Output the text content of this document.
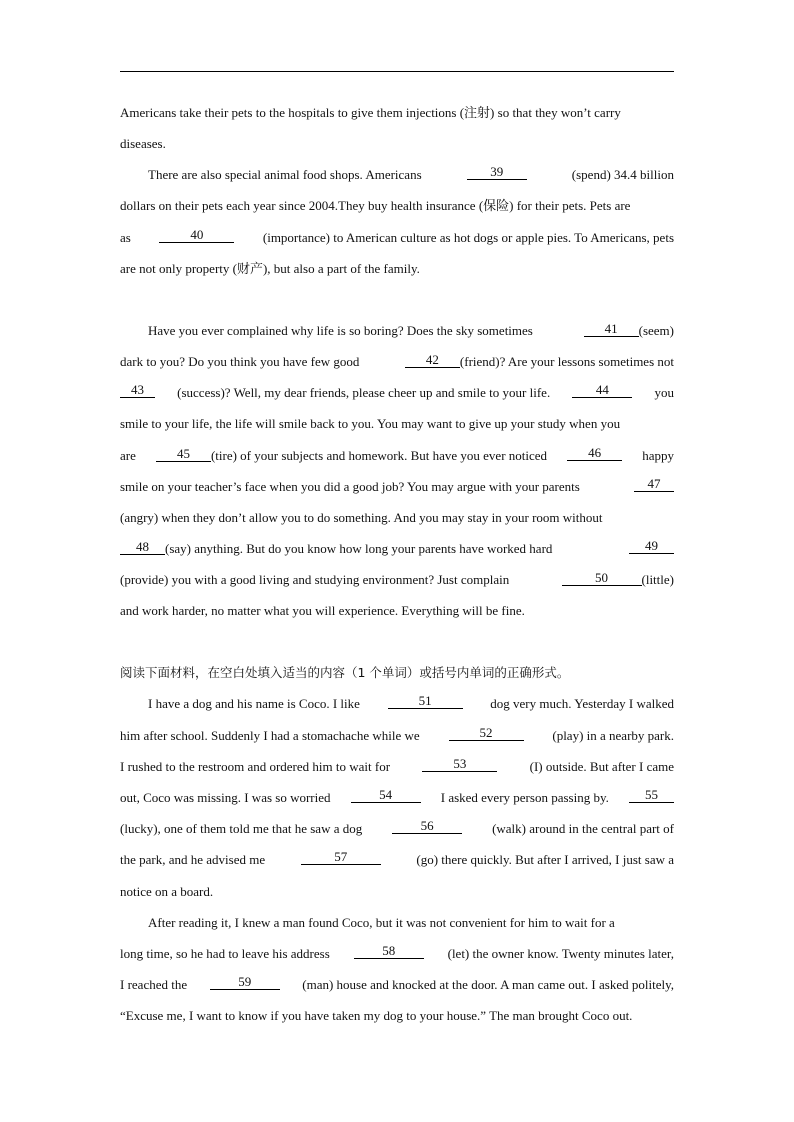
Americans take their pets to the hospitals to give them injections (注射) so that they won’t carry
diseases.
There are also special animal food shops. Americans	39	(spend) 34.4 billion
dollars on their pets each year since 2004.They buy health insurance (保险) for their pets. Pets are
as	40	(importance) to American culture as hot dogs or apple pies. To Americans, pets
are not only property (财产), but also a part of the family.
Have you ever complained why life is so boring? Does the sky sometimes	41 (seem)
dark to you? Do you think you have few good	42 (friend)? Are your lessons sometimes not
43	(success)? Well, my dear friends, please cheer up and smile to your life.	44	you
smile to your life, the life will smile back to you. You may want to give up your study when you
are	45 (tire) of your subjects and homework. But have you ever noticed	46	happy
smile on your teacher’s face when you did a good job? You may argue with your parents	47
(angry) when they don’t allow you to do something. And you may stay in your room without
48 (say) anything. But do you know how long your parents have worked hard	49
(provide) you with a good living and studying environment? Just complain	50	(little)
and work harder, no matter what you will experience. Everything will be fine.
阅读下面材料，在空白处填入适当的内容（1 个单词）或括号内单词的正确形式。
I have a dog and his name is Coco. I like	51	dog very much. Yesterday I walked
him after school. Suddenly I had a stomachache while we	52	(play) in a nearby park.
I rushed to the restroom and ordered him to wait for	53	(I) outside. But after I came
out, Coco was missing. I was so worried	54	I asked every person passing by.	55
(lucky), one of them told me that he saw a dog	56	(walk) around in the central part of
the park, and he advised me	57	(go) there quickly. But after I arrived, I just saw a
notice on a board.
After reading it, I knew a man found Coco, but it was not convenient for him to wait for a
long time, so he had to leave his address	58	(let) the owner know. Twenty minutes later,
I reached the	59	(man) house and knocked at the door. A man came out. I asked politely,
“Excuse me, I want to know if you have taken my dog to your house.” The man brought Coco out.
